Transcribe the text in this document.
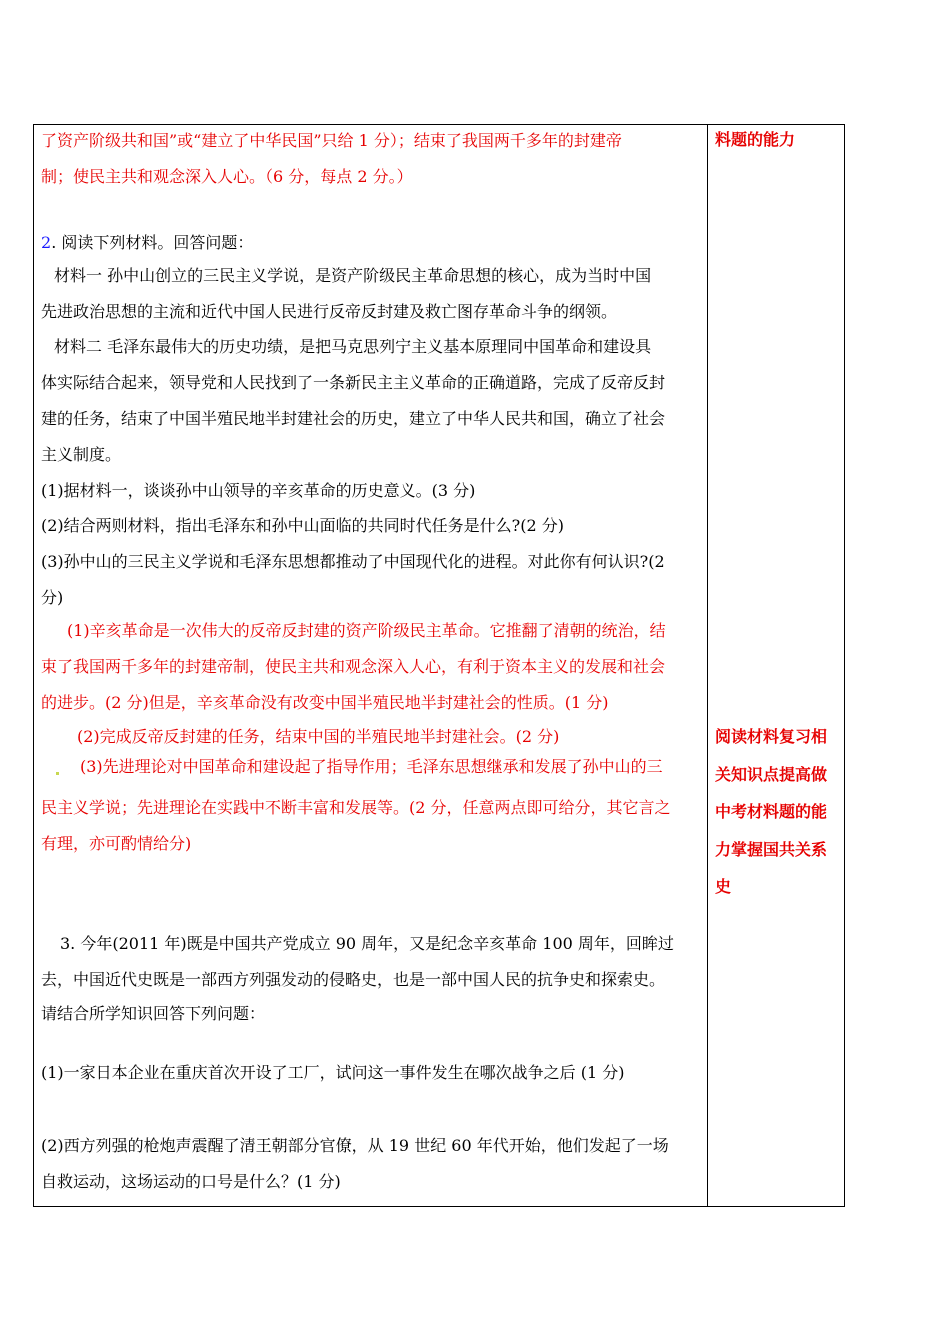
了资产阶级共和国”或“建立了中华民国”只给 1 分）；结束了我国两千多年的封建帝
制；使民主共和观念深入人心。（6 分，每点 2 分。）
2. 阅读下列材料。回答问题：
材料一 孙中山创立的三民主义学说，是资产阶级民主革命思想的核心，成为当时中国
先进政治思想的主流和近代中国人民进行反帝反封建及救亡图存革命斗争的纲领。
材料二 毛泽东最伟大的历史功绩，是把马克思列宁主义基本原理同中国革命和建设具
体实际结合起来，领导党和人民找到了一条新民主主义革命的正确道路，完成了反帝反封
建的任务，结束了中国半殖民地半封建社会的历史，建立了中华人民共和国，确立了社会
主义制度。
(1)据材料一，谈谈孙中山领导的辛亥革命的历史意义。(3 分)
(2)结合两则材料，指出毛泽东和孙中山面临的共同时代任务是什么?(2 分)
(3)孙中山的三民主义学说和毛泽东思想都推动了中国现代化的进程。对此你有何认识?(2
分)
(1)辛亥革命是一次伟大的反帝反封建的资产阶级民主革命。它推翻了清朝的统治，结
束了我国两千多年的封建帝制，使民主共和观念深入人心，有利于资本主义的发展和社会
的进步。(2 分)但是，辛亥革命没有改变中国半殖民地半封建社会的性质。(1 分)
(2)完成反帝反封建的任务，结束中国的半殖民地半封建社会。(2 分)
(3)先进理论对中国革命和建设起了指导作用；毛泽东思想继承和发展了孙中山的三
民主义学说；先进理论在实践中不断丰富和发展等。(2 分，任意两点即可给分，其它言之
有理，亦可酌情给分)
3. 今年(2011 年)既是中国共产党成立 90 周年，又是纪念辛亥革命 100 周年，回眸过
去，中国近代史既是一部西方列强发动的侵略史，也是一部中国人民的抗争史和探索史。
请结合所学知识回答下列问题：
(1)一家日本企业在重庆首次开设了工厂，试问这一事件发生在哪次战争之后 (1 分)
(2)西方列强的枪炮声震醒了清王朝部分官僚，从 19 世纪 60 年代开始，他们发起了一场
自救运动，这场运动的口号是什么？(1 分)
料题的能力
阅读材料复习相
关知识点提高做
中考材料题的能
力掌握国共关系
史
